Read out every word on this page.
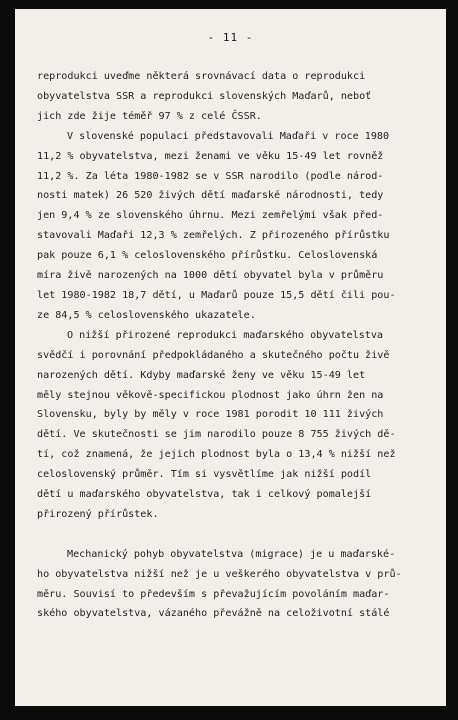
- 11 -
reprodukci uveďme některá srovnávací data o reprodukci
obyvatelstva SSR a reprodukci slovenských Maďarů, neboť
jich zde žije téměř 97 % z celé ČSSR.
V slovenské populaci představovali Maďaři v roce 1980
11,2 % obyvatelstva, mezi ženami ve věku 15-49 let rovněž
11,2 %. Za léta 1980-1982 se v SSR narodilo (podle národ-
nosti matek) 26 520 živých dětí maďarské národnosti, tedy
jen 9,4 % ze slovenského úhrnu. Mezi zemřelými však před-
stavovali Maďaři 12,3 % zemřelých. Z přirozeného přírůstku
pak pouze 6,1 % celoslovenského přírůstku. Celoslovenská
míra živě narozených na 1000 dětí obyvatel byla v průměru
let 1980-1982 18,7 dětí, u Maďarů pouze 15,5 dětí čili pou-
ze 84,5 % celoslovenského ukazatele.
O nižší přirozené reprodukci maďarského obyvatelstva
svědčí i porovnání předpokládaného a skutečného počtu živě
narozených dětí. Kdyby maďarské ženy ve věku 15-49 let
měly stejnou věkově-specifickou plodnost jako úhrn žen na
Slovensku, byly by měly v roce 1981 porodit 10 111 živých
dětí. Ve skutečnosti se jim narodilo pouze 8 755 živých dě-
tí, což znamená, že jejich plodnost byla o 13,4 % nižší než
celoslovenský průměr. Tím si vysvětlíme jak nižší podíl
dětí u maďarského obyvatelstva, tak i celkový pomalejší
přirozený přírůstek.
Mechanický pohyb obyvatelstva (migrace) je u maďarské-
ho obyvatelstva nižší než je u veškerého obyvatelstva v prů-
měru. Souvisí to především s převažujícím povoláním maďar-
ského obyvatelstva, vázaného převážně na celoživotní stálé
